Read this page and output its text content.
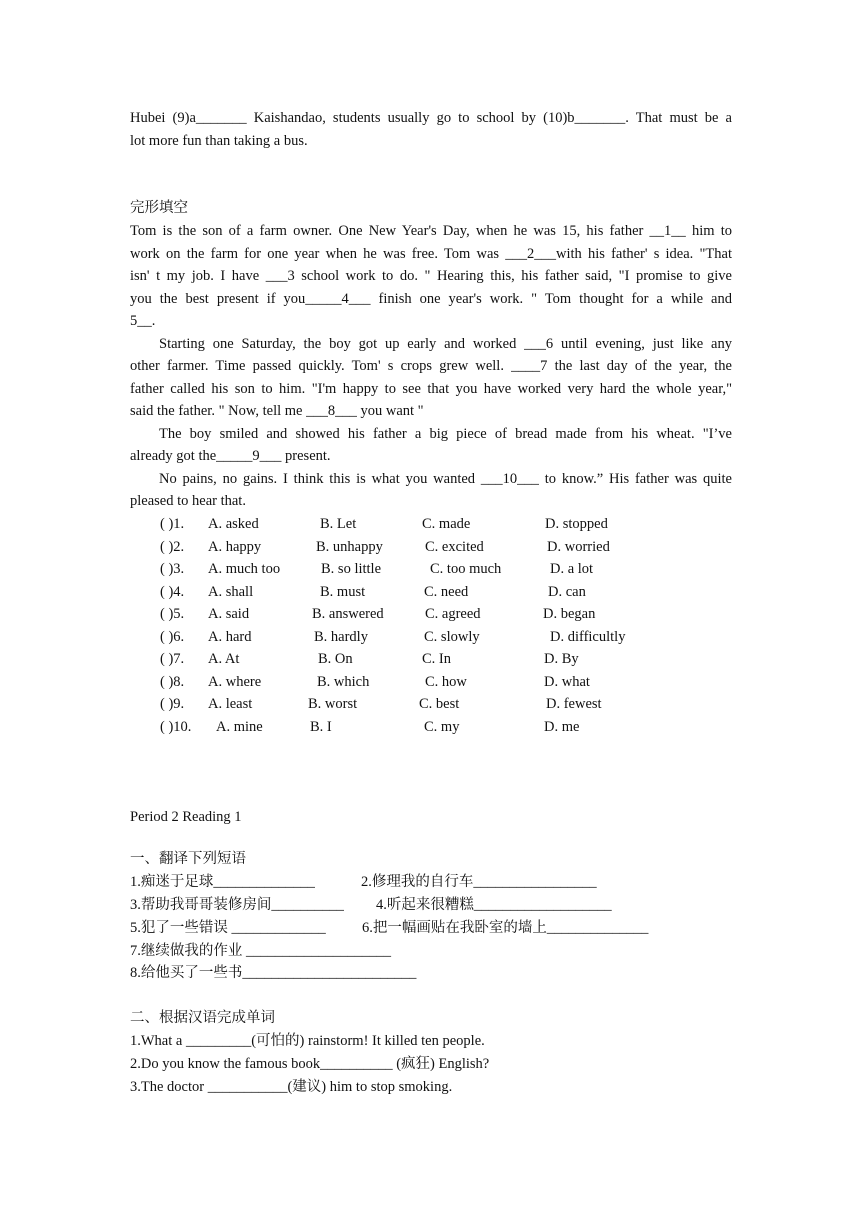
Hubei (9)a_______ Kaishandao, students usually go to school by (10)b_______. That must be a

lot more fun than taking a bus.

完形填空

Tom is the son of a farm owner. One New Year's Day, when he was 15, his father __1__ him to

work on the farm for one year when he was free. Tom was ___2___with his father' s idea. "That

isn' t my job. I have ___3 school work to do. " Hearing this, his father said, "I promise to give

you the best present if you_____4___ finish one year's work. " Tom thought for a while and

5__.

Starting one Saturday, the boy got up early and worked ___6 until evening, just like any

other farmer. Time passed quickly. Tom' s crops grew well. ____7 the last day of the year, the

father called his son to him. "I'm happy to see that you have worked very hard the whole year,"

said the father. " Now, tell me ___8___ you want "

The boy smiled and showed his father a big piece of bread made from his wheat. "I’ve

already got the_____9___ present.

No pains, no gains. I think this is what you wanted ___10___ to know.” His father was quite

pleased to hear that.

( )1. A. asked	B. Let	C. made	D. stopped
( )2. A. happy	B. unhappy	C. excited	D. worried
( )3. A. much too	B. so little	C. too much	D. a lot
( )4. A. shall	B. must	C. need	D. can
( )5. A. said	B. answered	C. agreed	D. began
( )6. A. hard	B. hardly	C. slowly	D. difficultly
( )7. A. At	B. On	C. In	D. By
( )8. A. where	B. which	C. how	D. what
( )9. A. least	B. worst	C. best	D. fewest
( )10. A. mine	B. I	C. my	D. me
Period 2 Reading 1
一、翻译下列短语
1.痴迷于足球______________	2.修理我的自行车_________________
3.帮助我哥哥装修房间__________ 4.听起来很糟糕___________________
5.犯了一些错误 _____________	6.把一幅画贴在我卧室的墙上______________
7.继续做我的作业 ____________________
8.给他买了一些书________________________
二、根据汉语完成单词
1.What a _________(可怕的) rainstorm! It killed ten people.
2.Do you know the famous book__________ (疯狂) English?
3.The doctor ___________(建议) him to stop smoking.
